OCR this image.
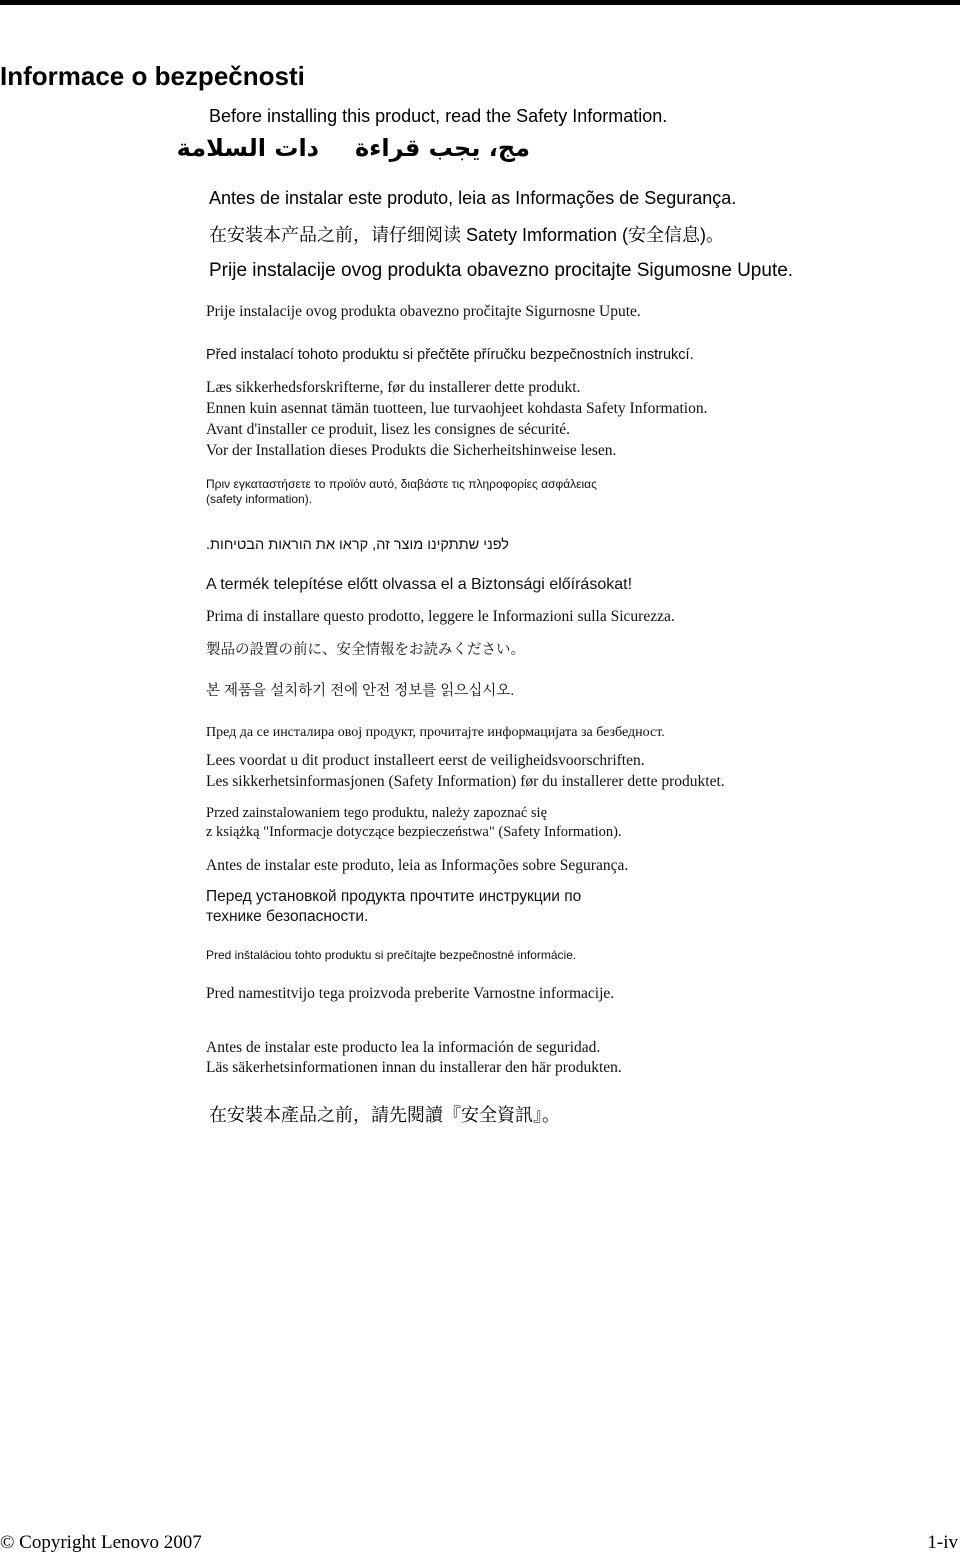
Informace o bezpečnosti

Before installing this product, read the Safety Information.

مج، يجب قراءةدات السلامة

Antes de instalar este produto, leia as Informações de Segurança.

在安装本产品之前，请仔细阅读 Satety Imformation (安全信息)。

Prije instalacije ovog produkta obavezno procitajte Sigumosne Upute.

Prije instalacije ovog produkta obavezno pročitajte Sigurnosne Upute.

Před instalací tohoto produktu si přečtěte příručku bezpečnostních instrukcí.

Læs sikkerhedsforskrifterne, før du installerer dette produkt.

Ennen kuin asennat tämän tuotteen, lue turvaohjeet kohdasta Safety Information.

Avant d'installer ce produit, lisez les consignes de sécurité.

Vor der Installation dieses Produkts die Sicherheitshinweise lesen.

Πριν εγκαταστήσετε το προϊόν αυτό, διαβάστε τις πληροφορίες ασφάλειας

(safety information).

לפני שתתקינו מוצר זה, קראו את הוראות הבטיחות.

A termék telepítése előtt olvassa el a Biztonsági előírásokat!

Prima di installare questo prodotto, leggere le Informazioni sulla Sicurezza.

製品の設置の前に、安全情報をお読みください。

본 제품을 설치하기 전에 안전 정보를 읽으십시오.

Пред да се инсталира овој продукт, прочитајте информацијата за безбедност.

Lees voordat u dit product installeert eerst de veiligheidsvoorschriften.

Les sikkerhetsinformasjonen (Safety Information) før du installerer dette produktet.

Przed zainstalowaniem tego produktu, należy zapoznać się

z książką "Informacje dotyczące bezpieczeństwa" (Safety Information).

Antes de instalar este produto, leia as Informações sobre Segurança.

Перед установкой продукта прочтите инструкции по

технике безопасности.

Pred inštaláciou tohto produktu si prečítajte bezpečnostné informácie.

Pred namestitvijo tega proizvoda preberite Varnostne informacije.

Antes de instalar este producto lea la información de seguridad.

Läs säkerhetsinformationen innan du installerar den här produkten.

在安裝本產品之前，請先閱讀『安全資訊』。

© Copyright Lenovo 2007	1-iv
